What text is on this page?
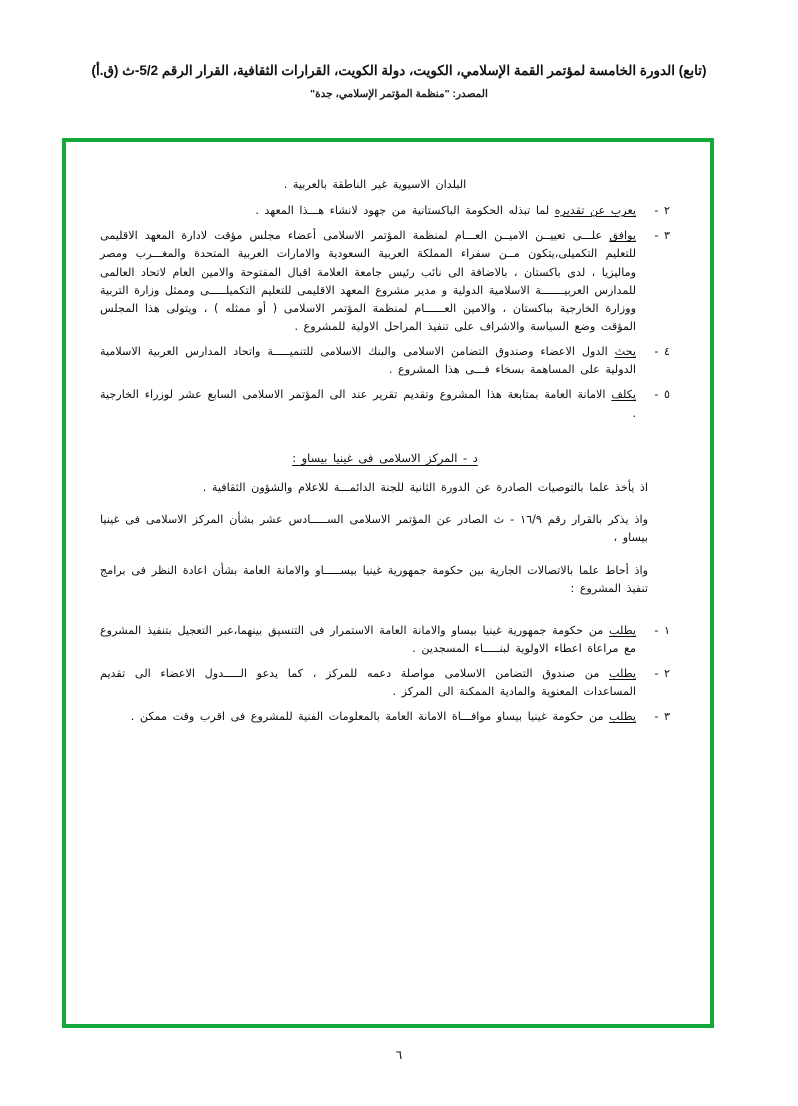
(تابع) الدورة الخامسة لمؤتمر القمة الإسلامي، الكويت، دولة الكويت، القرارات الثقافية، القرار الرقم 5/2-ث (ق.أ)
المصدر: "منظمة المؤتمر الإسلامي، جدة"
البلدان الاسيوية غير الناطقة بالعربية .
٢ -
يعرب عن تقديره لما تبذله الحكومة الباكستانية من جهود لانشاء هـــذا المعهد .
٣ -
يوافق علـــى تعييــن الاميــن العـــام لمنظمة المؤتمر الاسلامى أعضاء مجلس مؤقت لادارة المعهد الاقليمى للتعليم التكميلى،يتكون مــن سفراء المملكة العربية السعودية والامارات العربية المتحدة والمغـــرب ومصر وماليزيا ، لدى باكستان ، بالاضافة الى نائب رئيس جامعة العلامة اقبال المفتوحة والامين العام لاتحاد العالمى للمدارس العربيـــــــة الاسلامية الدولية و مدير مشروع المعهد الاقليمى للتعليم التكميلـــــى وممثل وزارة التربية ووزارة الخارجية بباكستان ، والامين العــــــام لمنظمة المؤتمر الاسلامى ( أو ممثله ) ، ويتولى هذا المجلس المؤقت وضع السياسة والاشراف على تنفيذ المراحل الاولية للمشروع .
٤ -
يحث الدول الاعضاء وصندوق التضامن الاسلامى والبنك الاسلامى للتنميـــــة واتحاد المدارس العربية الاسلامية الدولية على المساهمة بسخاء فـــى هذا المشروع .
٥ -
يكلف الامانة العامة بمتابعة هذا المشروع وتقديم تقرير عند الى المؤتمر الاسلامى السابع عشر لوزراء الخارجية .
د - المركز الاسلامى فى غينيا بيساو :
اذ يأخذ علما بالتوصيات الصادرة عن الدورة الثانية للجنة الدائمـــة للاعلام والشؤون الثقافية .
واذ يذكر بالقرار رقم ١٦/٩ - ث الصادر عن المؤتمر الاسلامى الســـــادس عشر بشأن المركز الاسلامى فى غينيا بيساو ،
واذ أحاط علما بالاتصالات الجارية بين حكومة جمهورية غينيا بيســـــاو والامانة العامة بشأن اعادة النظر فى برامج تنفيذ المشروع :
١ -
يطلب من حكومة جمهورية غينيا بيساو والامانة العامة الاستمرار فى التنسيق بينهما،عبر التعجيل بتنفيذ المشروع مع مراعاة اعطاء الاولوية لبنـــــاء المسجدين .
٢ -
يطلب من صندوق التضامن الاسلامى مواصلة دعمه للمركز ، كما يدعو الـــــدول الاعضاء الى تقديم المساعدات المعنوية والمادية الممكنة الى المركز .
٣ -
يطلب من حكومة غينيا بيساو موافـــاة الامانة العامة بالمعلومات الفنية للمشروع فى اقرب وقت ممكن .
٦
